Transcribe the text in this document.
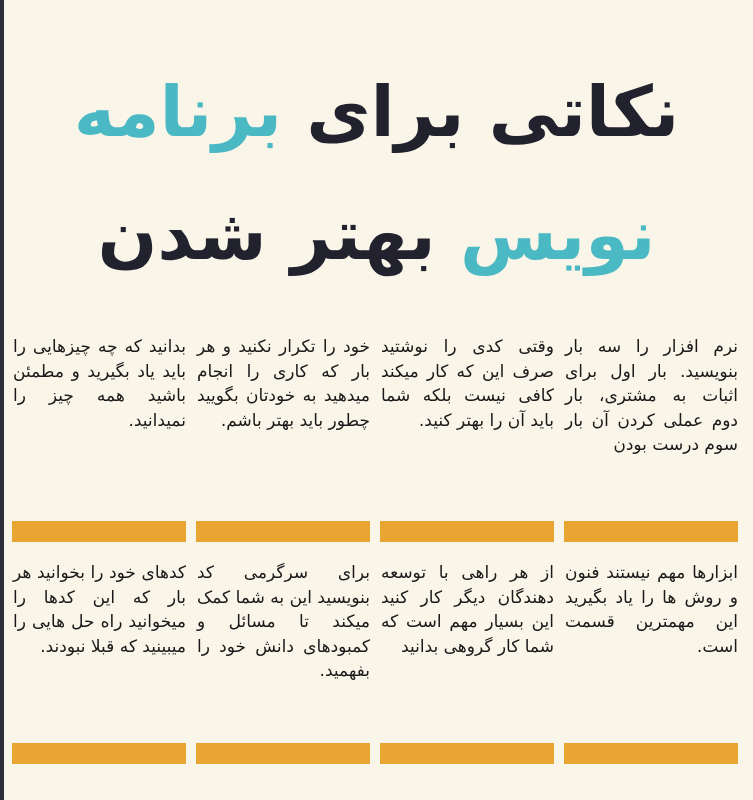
نکاتی برای برنامه
نویس بهتر شدن
نرم افزار را سه بار بنویسید. بار اول برای اثبات به مشتری، بار دوم عملی کردن آن بار سوم درست بودن
وقتی کدی را نوشتید صرف این که کار میکند کافی نیست بلکه شما باید آن را بهتر کنید.
خود را تکرار نکنید و هر بار که کاری را انجام میدهید به خودتان بگویید چطور باید بهتر باشم.
بدانید که چه چیزهایی را باید یاد بگیرید و مطمئن باشید همه چیز را نمیدانید.
ابزارها مهم نیستند فنون و روش ها را یاد بگیرید این مهمترین قسمت است.
از هر راهی با توسعه دهندگان دیگر کار کنید این بسیار مهم است که شما کار گروهی بدانید
برای سرگرمی کد بنویسید این به شما کمک میکند تا مسائل و کمبودهای دانش خود را بفهمید.
کدهای خود را بخوانید هر بار که این کدها را میخوانید راه حل هایی را میبینید که قبلا نبودند.
